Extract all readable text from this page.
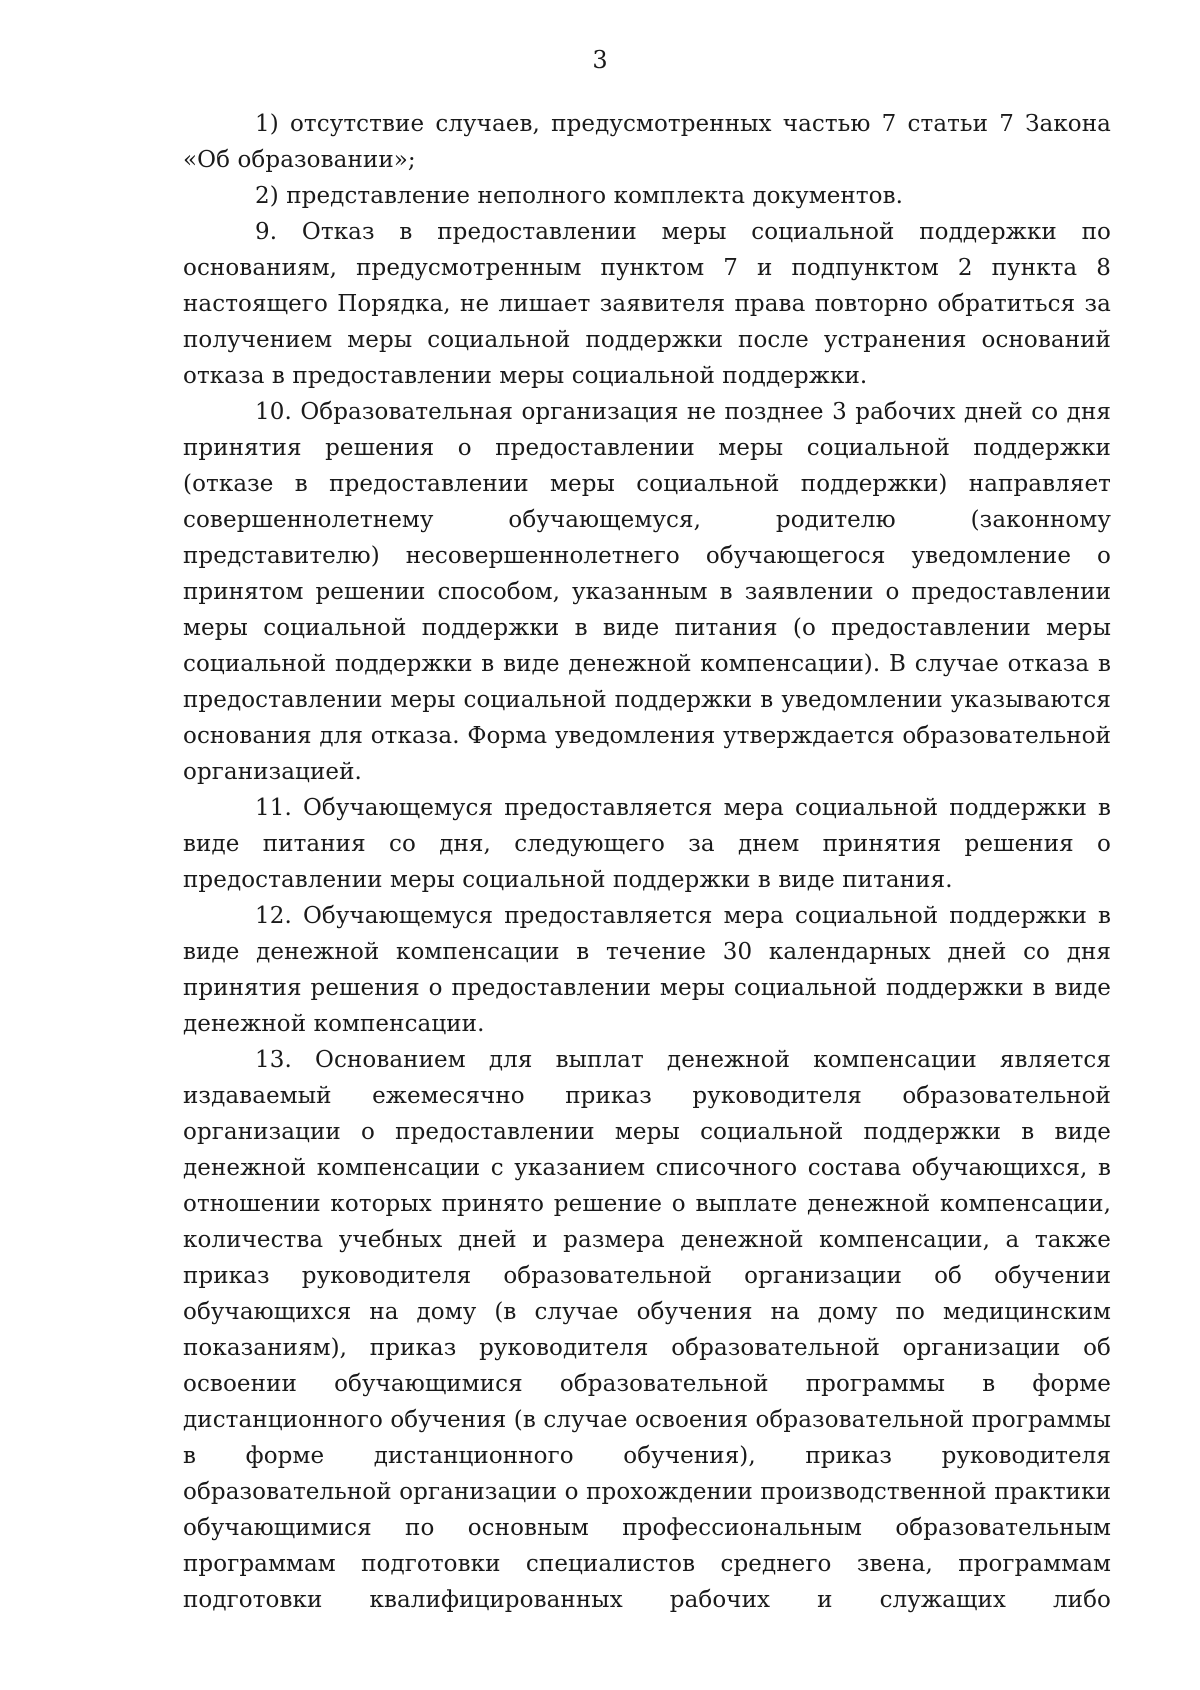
3

1) отсутствие случаев, предусмотренных частью 7 статьи 7 Закона «Об образовании»;

2) представление неполного комплекта документов.

9. Отказ в предоставлении меры социальной поддержки по основаниям, предусмотренным пунктом 7 и подпунктом 2 пункта 8 настоящего Порядка, не лишает заявителя права повторно обратиться за получением меры социальной поддержки после устранения оснований отказа в предоставлении меры социальной поддержки.

10. Образовательная организация не позднее 3 рабочих дней со дня принятия решения о предоставлении меры социальной поддержки (отказе в предоставлении меры социальной поддержки) направляет совершеннолетнему обучающемуся, родителю (законному представителю) несовершеннолетнего обучающегося уведомление о принятом решении способом, указанным в заявлении о предоставлении меры социальной поддержки в виде питания (о предоставлении меры социальной поддержки в виде денежной компенсации). В случае отказа в предоставлении меры социальной поддержки в уведомлении указываются основания для отказа. Форма уведомления утверждается образовательной организацией.

11. Обучающемуся предоставляется мера социальной поддержки в виде питания со дня, следующего за днем принятия решения о предоставлении меры социальной поддержки в виде питания.

12. Обучающемуся предоставляется мера социальной поддержки в виде денежной компенсации в течение 30 календарных дней со дня принятия решения о предоставлении меры социальной поддержки в виде денежной компенсации.

13. Основанием для выплат денежной компенсации является издаваемый ежемесячно приказ руководителя образовательной организации о предоставлении меры социальной поддержки в виде денежной компенсации с указанием списочного состава обучающихся, в отношении которых принято решение о выплате денежной компенсации, количества учебных дней и размера денежной компенсации, а также приказ руководителя образовательной организации об обучении обучающихся на дому (в случае обучения на дому по медицинским показаниям), приказ руководителя образовательной организации об освоении обучающимися образовательной программы в форме дистанционного обучения (в случае освоения образовательной программы в форме дистанционного обучения), приказ руководителя образовательной организации о прохождении производственной практики обучающимися по основным профессиональным образовательным программам подготовки специалистов среднего звена, программам подготовки квалифицированных рабочих и служащих либо
